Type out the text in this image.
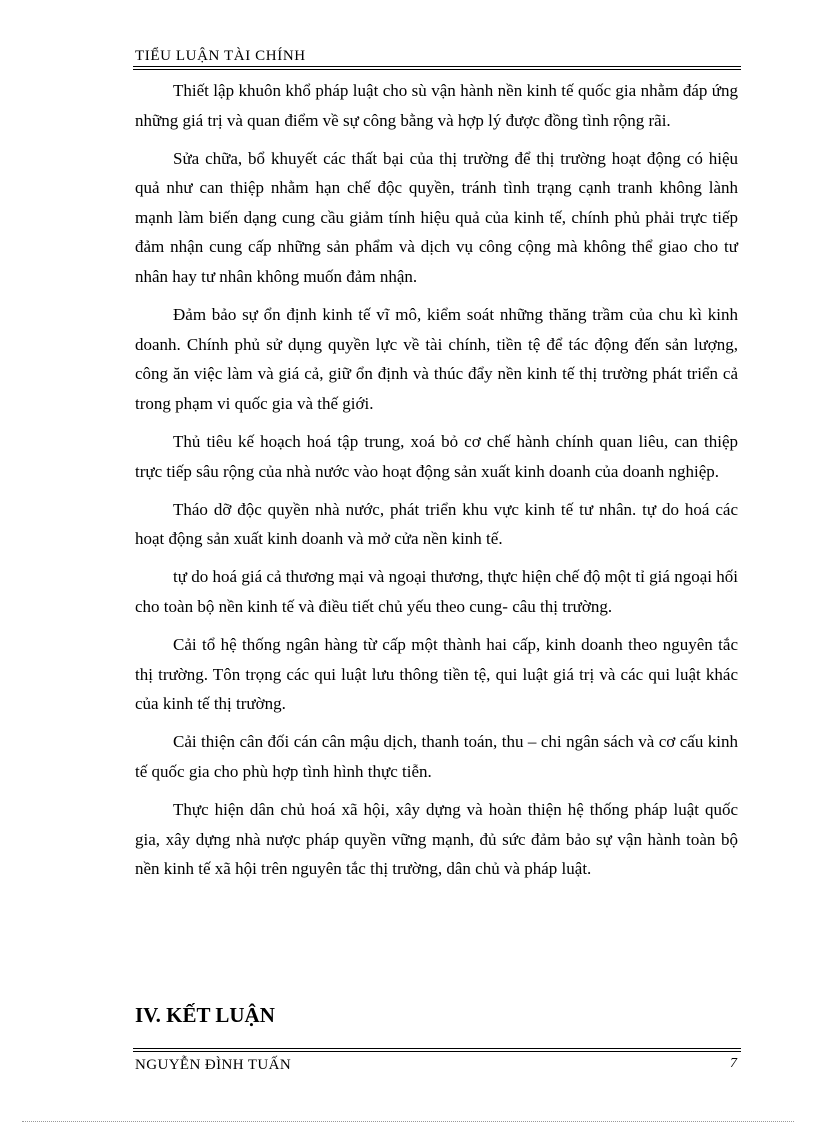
TIỂU LUẬN TÀI CHÍNH

Thiết lập khuôn khổ pháp luật cho sù vận hành nền kinh tế quốc gia nhằm đáp ứng những giá trị và quan điểm về sự công bằng và hợp lý được đồng tình rộng rãi.

Sửa chữa, bổ khuyết các thất bại của thị trường để thị trường hoạt động có hiệu quả như can thiệp nhằm hạn chế độc quyền, tránh tình trạng cạnh tranh không lành mạnh làm biến dạng cung cầu giảm tính hiệu quả của kinh tế, chính phủ phải trực tiếp đảm nhận cung cấp những sản phẩm và dịch vụ công cộng mà không thể giao cho tư nhân hay tư nhân không muốn đảm nhận.

Đảm bảo sự ổn định kinh tế vĩ mô, kiểm soát những thăng trầm của chu kì kinh doanh. Chính phủ sử dụng quyền lực về tài chính, tiền tệ để tác động đến sản lượng, công ăn việc làm và giá cả, giữ ổn định và thúc đẩy nền kinh tế thị trường phát triển cả trong phạm vi quốc gia và thế giới.

Thủ tiêu kế hoạch hoá tập trung, xoá bỏ cơ chế hành chính quan liêu, can thiệp trực tiếp sâu rộng của nhà nước vào hoạt động sản xuất kinh doanh của doanh nghiệp.

Tháo dỡ độc quyền nhà nước, phát triển khu vực kinh tế tư nhân. tự do hoá các hoạt động sản xuất kinh doanh và mở cửa nền kinh tế.

tự do hoá giá cả thương mại và ngoại thương, thực hiện chế độ một tỉ giá ngoại hối cho toàn bộ nền kinh tế và điều tiết chủ yếu theo cung- câu thị trường.

Cải tổ hệ thống ngân hàng từ cấp một thành hai cấp, kinh doanh theo nguyên tắc thị trường. Tôn trọng các qui luật lưu thông tiền tệ, qui luật giá trị và các qui luật khác của kinh tế thị trường.

Cải thiện cân đối cán cân mậu dịch, thanh toán, thu – chi ngân sách và cơ cấu kinh tế quốc gia cho phù hợp tình hình thực tiễn.

Thực hiện dân chủ hoá xã hội, xây dựng và hoàn thiện hệ thống pháp luật quốc gia, xây dựng nhà nược pháp quyền vững mạnh, đủ sức đảm bảo sự vận hành toàn bộ nền kinh tế xã hội trên nguyên tắc thị trường, dân chủ và pháp luật.

IV. KẾT LUẬN
NGUYỄN ĐÌNH TUẤN	7
